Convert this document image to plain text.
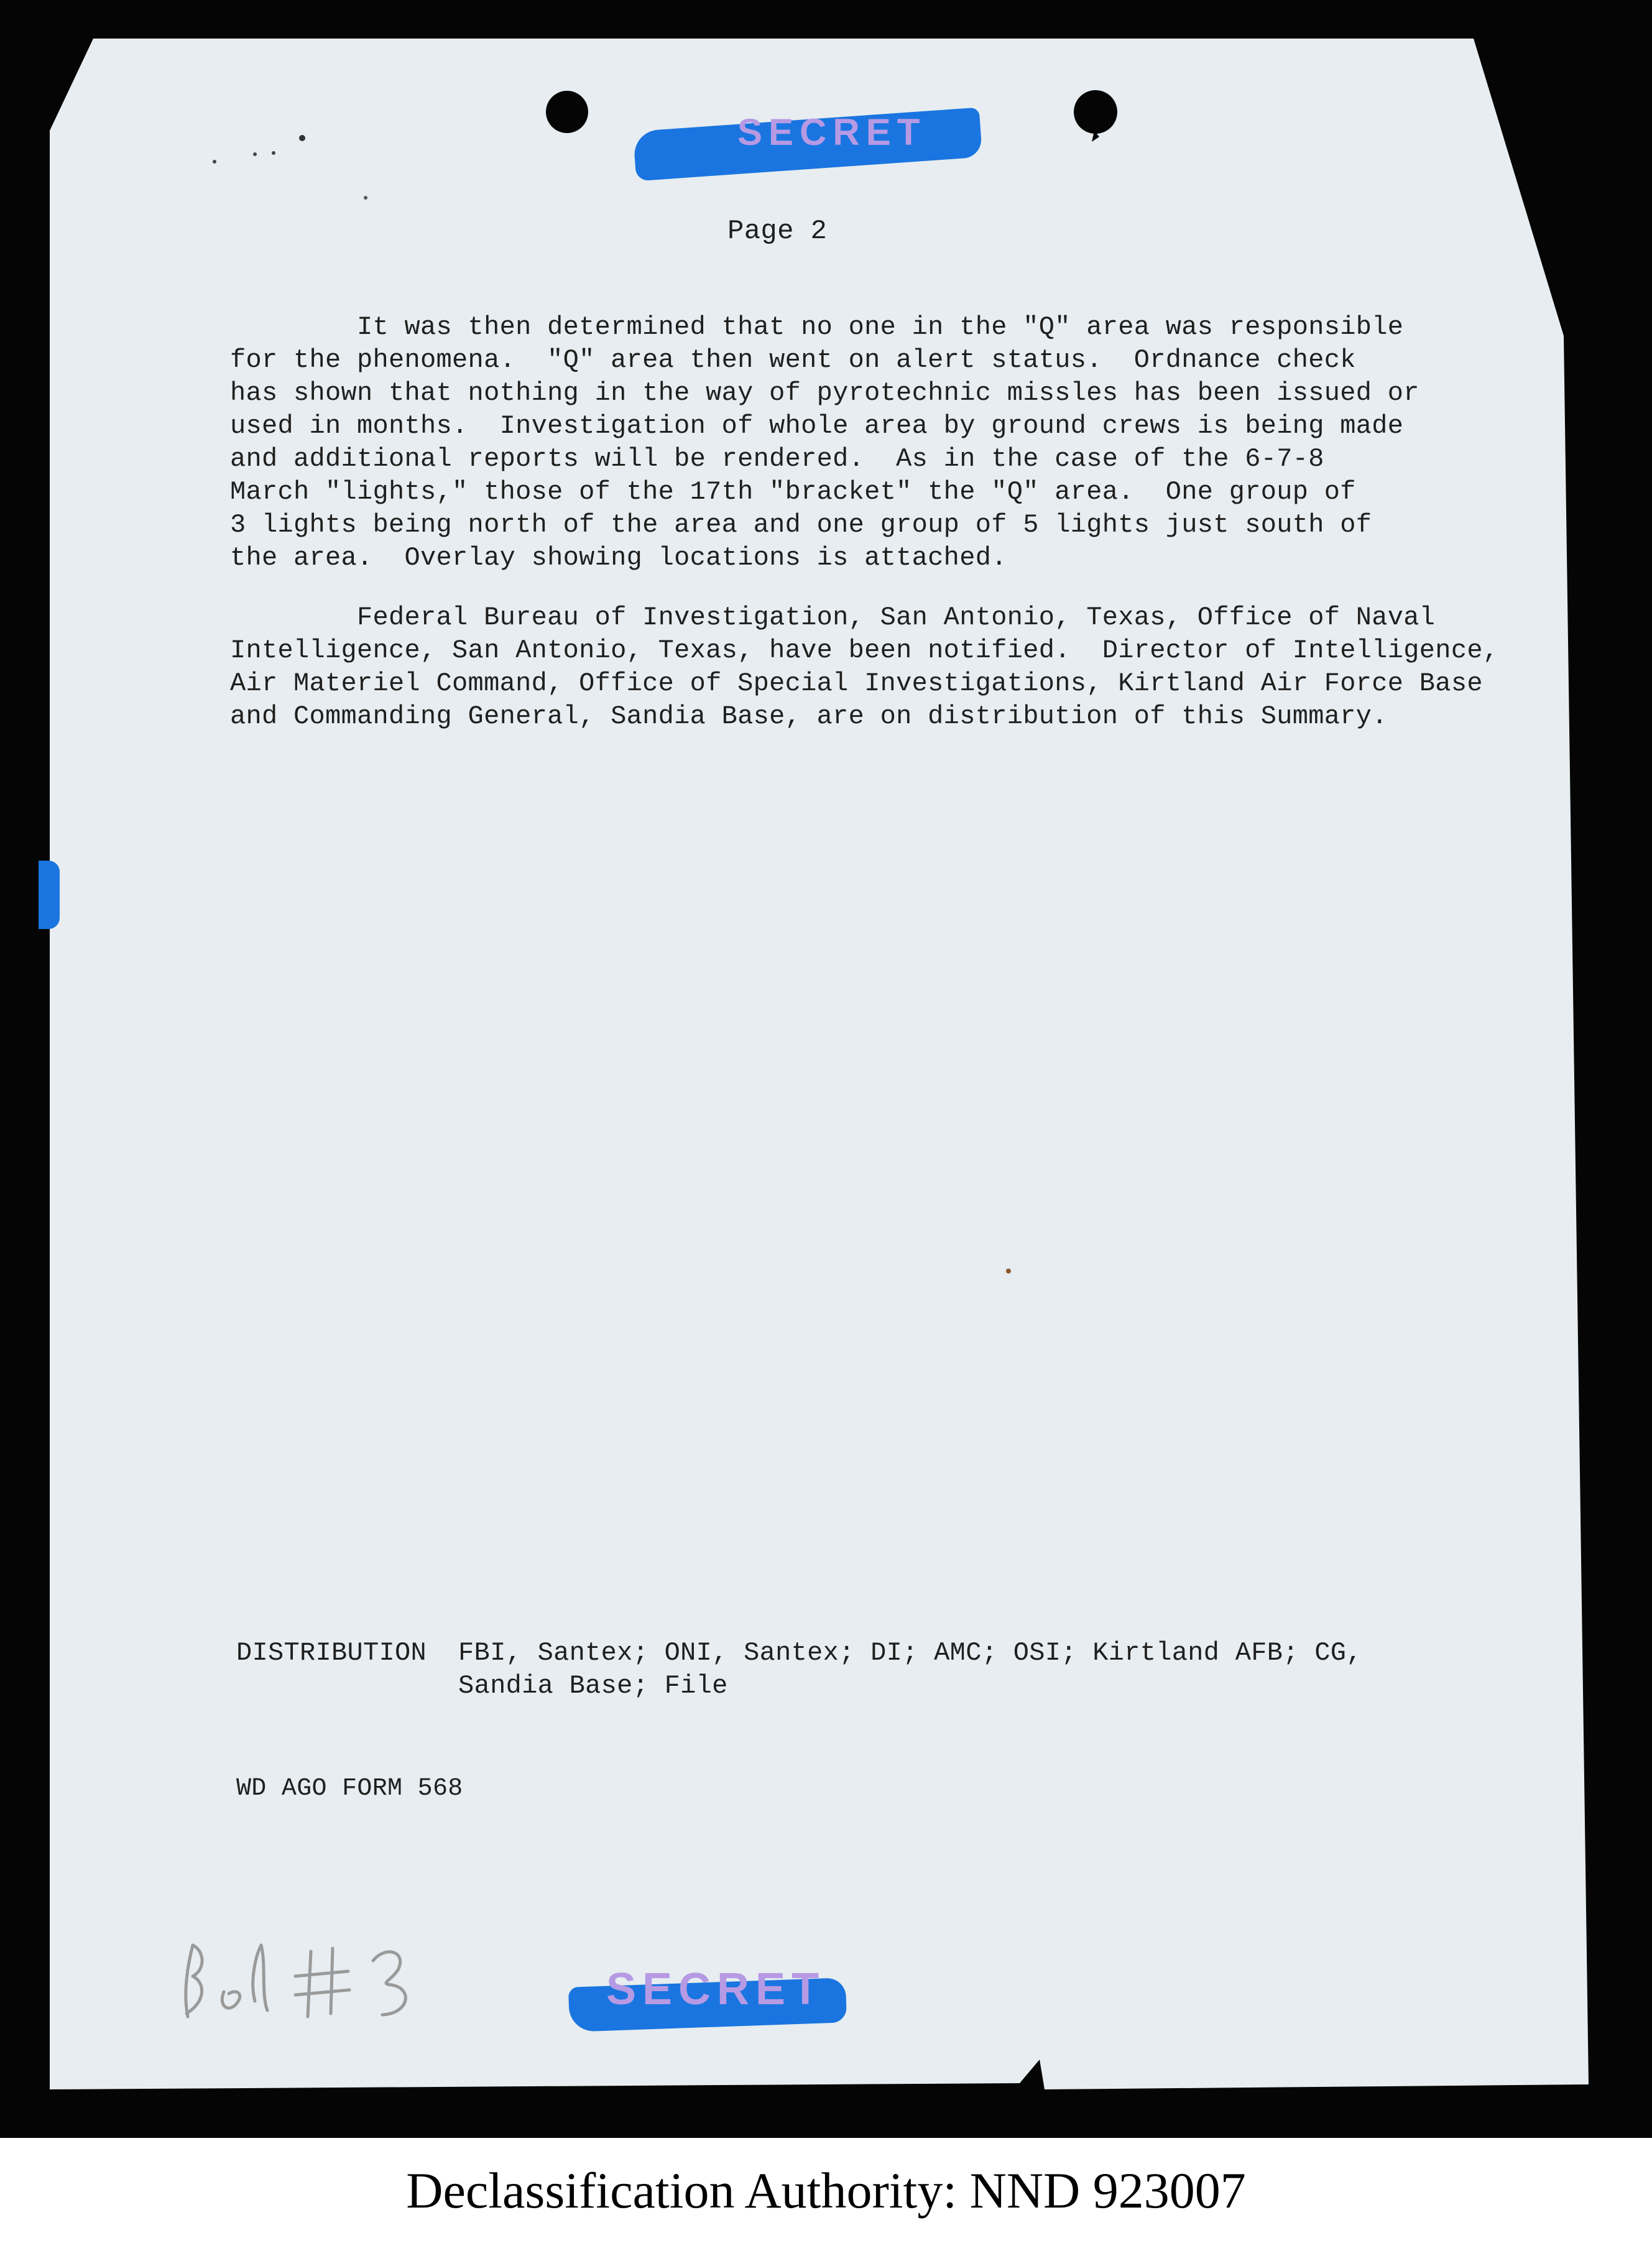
SECRET
Page 2
It was then determined that no one in the "Q" area was responsible
for the phenomena.  "Q" area then went on alert status.  Ordnance check
has shown that nothing in the way of pyrotechnic missles has been issued or
used in months.  Investigation of whole area by ground crews is being made
and additional reports will be rendered.  As in the case of the 6-7-8
March "lights," those of the 17th "bracket" the "Q" area.  One group of
3 lights being north of the area and one group of 5 lights just south of
the area.  Overlay showing locations is attached.
Federal Bureau of Investigation, San Antonio, Texas, Office of Naval
Intelligence, San Antonio, Texas, have been notified.  Director of Intelligence,
Air Materiel Command, Office of Special Investigations, Kirtland Air Force Base
and Commanding General, Sandia Base, are on distribution of this Summary.
DISTRIBUTION  FBI, Santex; ONI, Santex; DI; AMC; OSI; Kirtland AFB; CG,
Sandia Base; File
WD AGO FORM 568
SECRET
Declassification Authority: NND 923007
